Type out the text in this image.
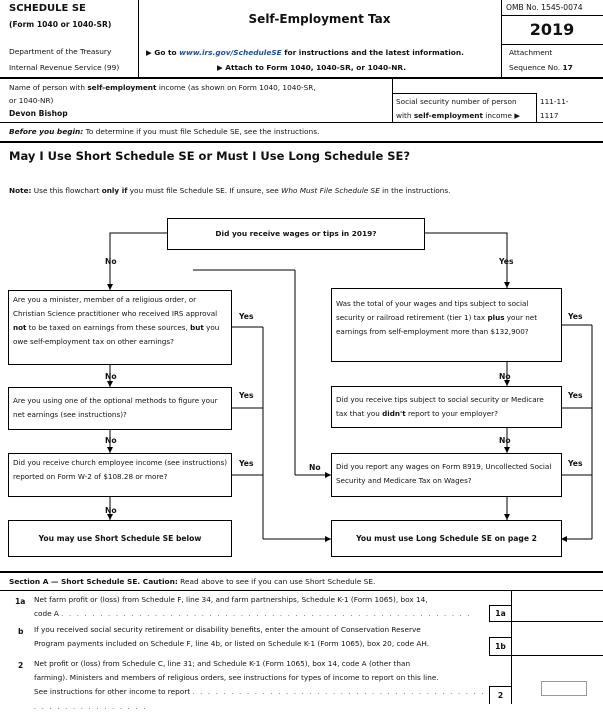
SCHEDULE SE
(Form 1040 or 1040-SR)
Department of the Treasury
Internal Revenue Service (99)
Self-Employment Tax
▶ Go to www.irs.gov/ScheduleSE for instructions and the latest information.
▶ Attach to Form 1040, 1040-SR, or 1040-NR.
OMB No. 1545-0074
2019
Attachment
Sequence No. 17
Name of person with self-employment income (as shown on Form 1040, 1040-SR,
or 1040-NR)
Devon Bishop
Social security number of person
with self-employment income ▶
111-11-
1117
Before you begin: To determine if you must file Schedule SE, see the instructions.
May I Use Short Schedule SE or Must I Use Long Schedule SE?
Note: Use this flowchart only if you must file Schedule SE. If unsure, see Who Must File Schedule SE in the instructions.
Did you receive wages or tips in 2019?
No	Yes
Are you a minister, member of a religious order, or Christian Science practitioner who received IRS approval not to be taxed on earnings from these sources, but you owe self-employment tax on other earnings?
Yes
Was the total of your wages and tips subject to social security or railroad retirement (tier 1) tax plus your net earnings from self-employment more than $132,900?
Yes
No	No
Are you using one of the optional methods to figure your net earnings (see instructions)?
Yes	Did you receive tips subject to social security or Medicare tax that you didn't report to your employer?
Yes
No	No
Did you receive church employee income (see instructions) reported on Form W-2 of $108.28 or more?
Yes	No	Did you report any wages on Form 8919, Uncollected Social Security and Medicare Tax on Wages?
Yes
No
You may use Short Schedule SE below	You must use Long Schedule SE on page 2
Section A — Short Schedule SE. Caution: Read above to see if you can use Short Schedule SE.
1a Net farm profit or (loss) from Schedule F, line 34, and farm partnerships, Schedule K-1 (Form 1065), box 14,
code A . . . . . . . . . . . . . . . . . . . . . . . . . . . . . . . . . . . . . . . . . . . . . . . . . . . . .	1a
b If you received social security retirement or disability benefits, enter the amount of Conservation Reserve
Program payments included on Schedule F, line 4b, or listed on Schedule K-1 (Form 1065), box 20, code AH.	1b
2 Net profit or (loss) from Schedule C, line 31; and Schedule K-1 (Form 1065), box 14, code A (other than
farming). Ministers and members of religious orders, see instructions for types of income to report on this line.
See instructions for other income to report . . . . . . . . . . . . . . . . . . . . . . . . . . . . . . . . . . . . . . . . . . . . . . . . . . . . .
2
